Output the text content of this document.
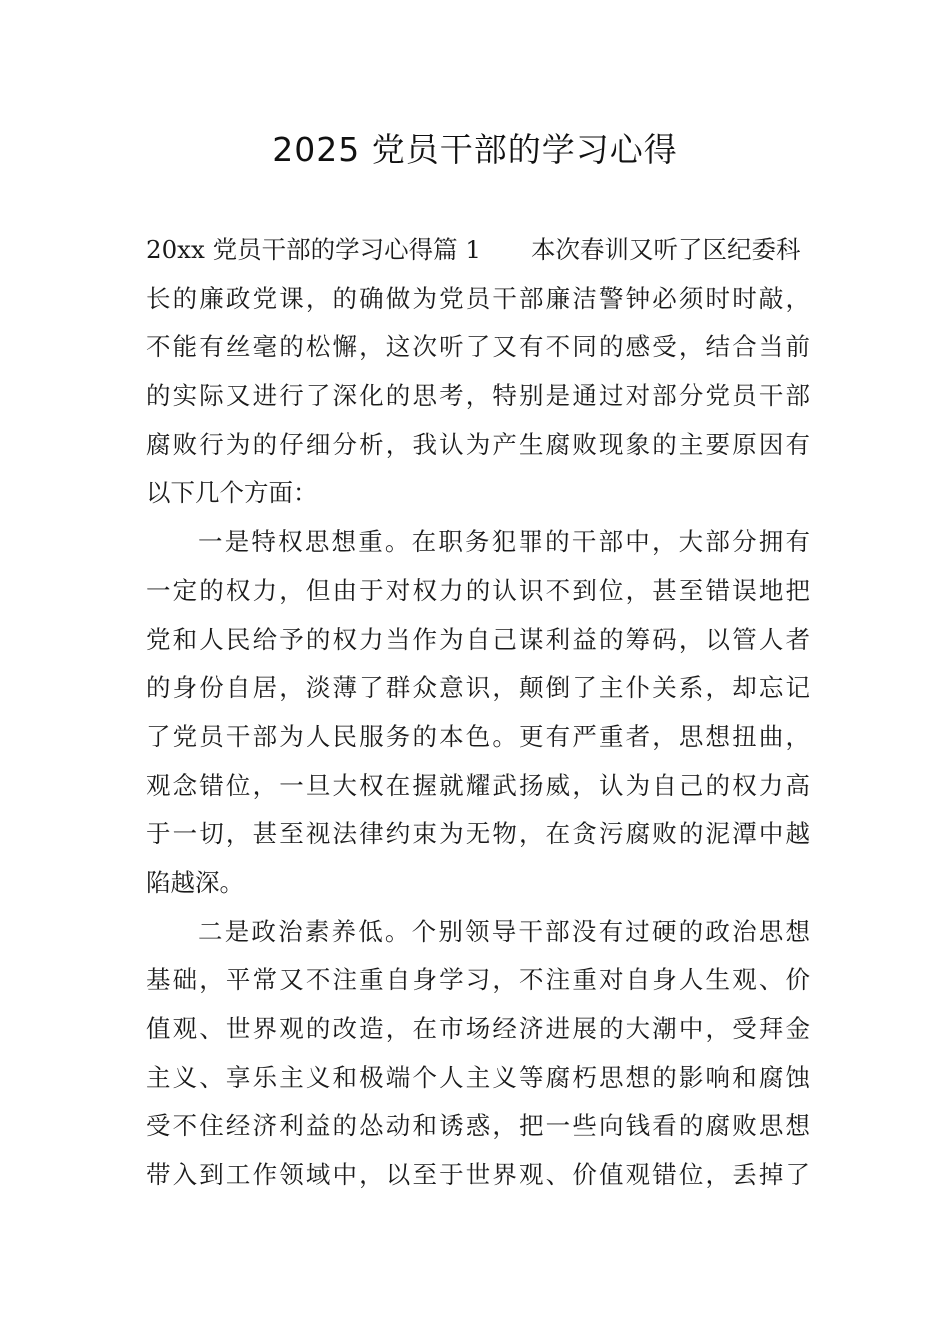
2025 党员干部的学习心得
20xx 党员干部的学习心得篇 1 本次春训又听了区纪委科
长的廉政党课，的确做为党员干部廉洁警钟必须时时敲，
不能有丝毫的松懈，这次听了又有不同的感受，结合当前
的实际又进行了深化的思考，特别是通过对部分党员干部
腐败行为的仔细分析，我认为产生腐败现象的主要原因有
以下几个方面：
一是特权思想重。在职务犯罪的干部中，大部分拥有
一定的权力，但由于对权力的认识不到位，甚至错误地把
党和人民给予的权力当作为自己谋利益的筹码，以管人者
的身份自居，淡薄了群众意识，颠倒了主仆关系，却忘记
了党员干部为人民服务的本色。更有严重者，思想扭曲，
观念错位，一旦大权在握就耀武扬威，认为自己的权力高
于一切，甚至视法律约束为无物，在贪污腐败的泥潭中越
陷越深。
二是政治素养低。个别领导干部没有过硬的政治思想
基础，平常又不注重自身学习，不注重对自身人生观、价
值观、世界观的改造，在市场经济进展的大潮中，受拜金
主义、享乐主义和极端个人主义等腐朽思想的影响和腐蚀
受不住经济利益的怂动和诱惑，把一些向钱看的腐败思想
带入到工作领域中，以至于世界观、价值观错位，丢掉了
